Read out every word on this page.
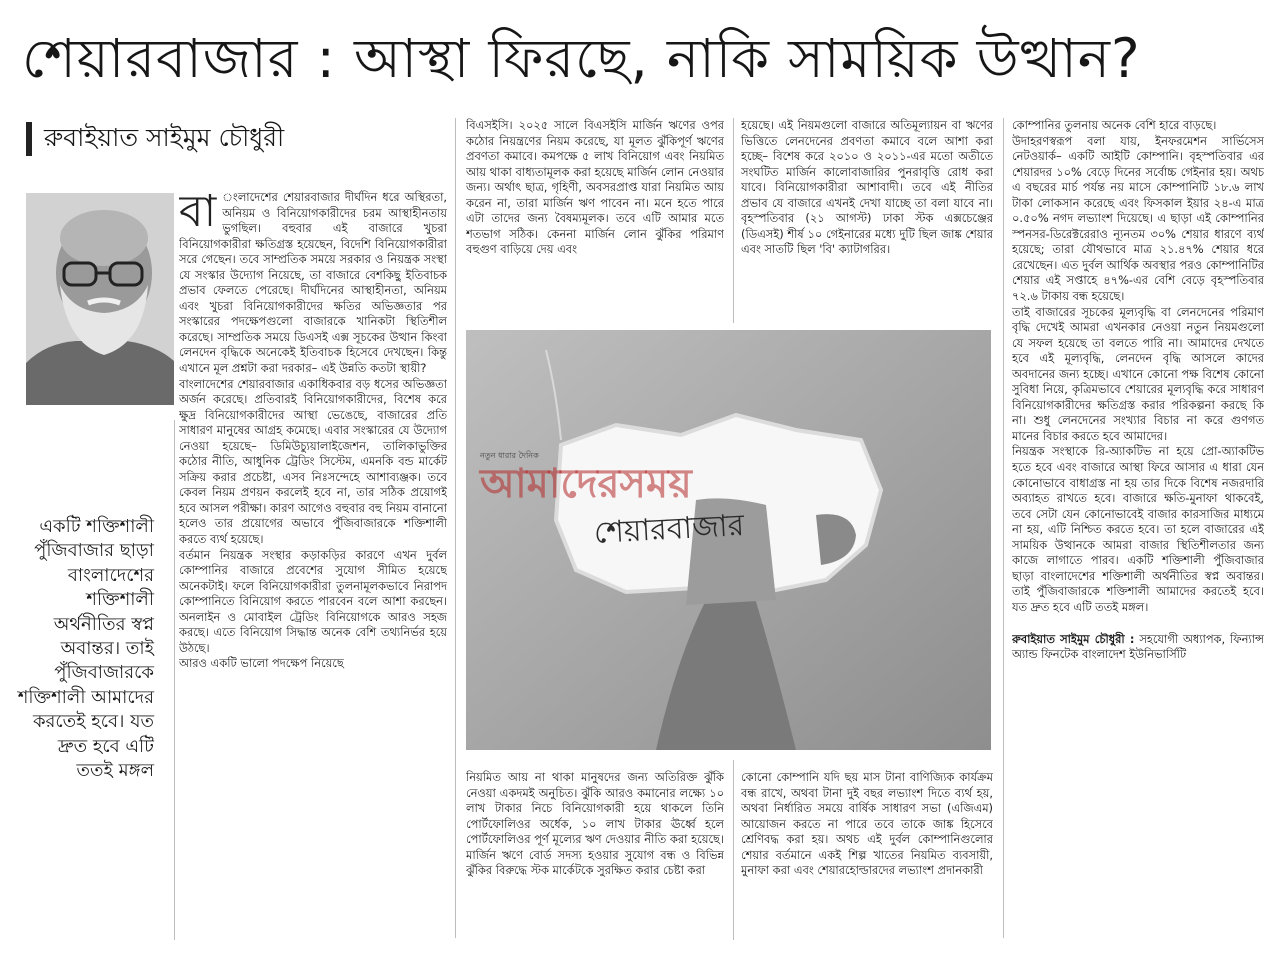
শেয়ারবাজার : আস্থা ফিরছে, নাকি সাময়িক উত্থান?
রুবাইয়াত সাইমুম চৌধুরী

বা ংলাদেশের শেয়ারবাজার দীর্ঘদিন ধরে অস্থিরতা, অনিয়ম ও বিনিয়োগকারীদের চরম আস্থাহীনতায় ভুগছিল। বহুবার এই বাজারে খুচরা বিনিয়োগকারীরা ক্ষতিগ্রস্ত হয়েছেন, বিদেশি বিনিয়োগকারীরা সরে গেছেন। তবে সাম্প্রতিক সময়ে সরকার ও নিয়ন্ত্রক সংস্থা যে সংস্কার উদ্যোগ নিয়েছে, তা বাজারে বেশকিছু ইতিবাচক প্রভাব ফেলতে পেরেছে। দীর্ঘদিনের আস্থাহীনতা, অনিয়ম এবং খুচরা বিনিয়োগকারীদের ক্ষতির অভিজ্ঞতার পর সংস্কারের পদক্ষেপগুলো বাজারকে খানিকটা স্থিতিশীল করেছে। সাম্প্রতিক সময়ে ডিএসই এক্স সূচকের উত্থান কিংবা লেনদেন বৃদ্ধিকে অনেকেই ইতিবাচক হিসেবে দেখছেন। কিন্তু এখানে মূল প্রশ্নটা করা দরকার– এই উন্নতি কতটা স্থায়ী?

বাংলাদেশের শেয়ারবাজার একাধিকবার বড় ধসের অভিজ্ঞতা অর্জন করেছে। প্রতিবারই বিনিয়োগকারীদের, বিশেষ করে ক্ষুদ্র বিনিয়োগকারীদের আস্থা ভেঙেছে, বাজারের প্রতি সাধারণ মানুষের আগ্রহ কমেছে। এবার সংস্কারের যে উদ্যোগ নেওয়া হয়েছে– ডিমিউচ্যুয়ালাইজেশন, তালিকাভুক্তির কঠোর নীতি, আধুনিক ট্রেডিং সিস্টেম, এমনকি বন্ড মার্কেট সক্রিয় করার প্রচেষ্টা, এসব নিঃসন্দেহে আশাব্যঞ্জক। তবে কেবল নিয়ম প্রণয়ন করলেই হবে না, তার সঠিক প্রয়োগই হবে আসল পরীক্ষা। কারণ আগেও বহুবার বহু নিয়ম বানানো হলেও তার প্রয়োগের অভাবে পুঁজিবাজারকে শক্তিশালী করতে ব্যর্থ হয়েছে।

বর্তমান নিয়ন্ত্রক সংস্থার কড়াকড়ির কারণে এখন দুর্বল কোম্পানির বাজারে প্রবেশের সুযোগ সীমিত হয়েছে অনেকটাই। ফলে বিনিয়োগকারীরা তুলনামূলকভাবে নিরাপদ কোম্পানিতে বিনিয়োগ করতে পারবেন বলে আশা করছেন। অনলাইন ও মোবাইল ট্রেডিং বিনিয়োগকে আরও সহজ করছে। এতে বিনিয়োগ সিদ্ধান্ত অনেক বেশি তথ্যনির্ভর হয়ে উঠছে।

আরও একটি ভালো পদক্ষেপ নিয়েছে

একটি শক্তিশালী পুঁজিবাজার ছাড়া বাংলাদেশের শক্তিশালী অর্থনীতির স্বপ্ন অবান্তর। তাই পুঁজিবাজারকে শক্তিশালী আমাদের করতেই হবে। যত দ্রুত হবে এটি ততই মঙ্গল

বিএসইসি। ২০২৫ সালে বিএসইসি মার্জিন ঋণের ওপর কঠোর নিয়ন্ত্রণের নিয়ম করেছে, যা মূলত ঝুঁকিপূর্ণ ঋণের প্রবণতা কমাবে। কমপক্ষে ৫ লাখ বিনিয়োগ এবং নিয়মিত আয় থাকা বাধ্যতামূলক করা হয়েছে মার্জিন লোন নেওয়ার জন্য। অর্থাৎ ছাত্র, গৃহিণী, অবসরপ্রাপ্ত যারা নিয়মিত আয় করেন না, তারা মার্জিন ঋণ পাবেন না। মনে হতে পারে এটা তাদের জন্য বৈষম্যমূলক। তবে এটি আমার মতে শতভাগ সঠিক। কেননা মার্জিন লোন ঝুঁকির পরিমাণ বহুগুণ বাড়িয়ে দেয় এবং

হয়েছে। এই নিয়মগুলো বাজারে অতিমূল্যায়ন বা ঋণের ভিত্তিতে লেনদেনের প্রবণতা কমাবে বলে আশা করা হচ্ছে– বিশেষ করে ২০১০ ও ২০১১-এর মতো অতীতে সংঘটিত মার্জিন কালোবাজারির পুনরাবৃত্তি রোধ করা যাবে। বিনিয়োগকারীরা আশাবাদী। তবে এই নীতির প্রভাব যে বাজারে এখনই দেখা যাচ্ছে তা বলা যাবে না। বৃহস্পতিবার (২১ আগস্ট) ঢাকা স্টক এক্সচেঞ্জের (ডিএসই) শীর্ষ ১০ গেইনারের মধ্যে দুটি ছিল জাঙ্ক শেয়ার এবং সাতটি ছিল 'বি' ক্যাটাগরির।

নতুন ধারার দৈনিক
আমাদেরসময়
শেয়ারবাজার

নিয়মিত আয় না থাকা মানুষদের জন্য অতিরিক্ত ঝুঁকি নেওয়া একদমই অনুচিত। ঝুঁকি আরও কমানোর লক্ষ্যে ১০ লাখ টাকার নিচে বিনিয়োগকারী হয়ে থাকলে তিনি পোর্টফোলিওর অর্ধেক, ১০ লাখ টাকার ঊর্ধ্বে হলে পোর্টফোলিওর পূর্ণ মূল্যের ঋণ দেওয়ার নীতি করা হয়েছে। মার্জিন ঋণে বোর্ড সদস্য হওয়ার সুযোগ বন্ধ ও বিভিন্ন ঝুঁকির বিরুদ্ধে স্টক মার্কেটকে সুরক্ষিত করার চেষ্টা করা

কোনো কোম্পানি যদি ছয় মাস টানা বাণিজ্যিক কার্যক্রম বন্ধ রাখে, অথবা টানা দুই বছর লভ্যাংশ দিতে ব্যর্থ হয়, অথবা নির্ধারিত সময়ে বার্ষিক সাধারণ সভা (এজিএম) আয়োজন করতে না পারে তবে তাকে জাঙ্ক হিসেবে শ্রেণিবদ্ধ করা হয়। অথচ এই দুর্বল কোম্পানিগুলোর শেয়ার বর্তমানে একই শিল্প খাতের নিয়মিত ব্যবসায়ী, মুনাফা করা এবং শেয়ারহোল্ডারদের লভ্যাংশ প্রদানকারী

কোম্পানির তুলনায় অনেক বেশি হারে বাড়ছে।

উদাহরণস্বরূপ বলা যায়, ইনফরমেশন সার্ভিসেস নেটওয়ার্ক– একটি আইটি কোম্পানি। বৃহস্পতিবার এর শেয়ারদর ১০% বেড়ে দিনের সর্বোচ্চ গেইনার হয়। অথচ এ বছরের মার্চ পর্যন্ত নয় মাসে কোম্পানিটি ১৮.৬ লাখ টাকা লোকসান করেছে এবং ফিসকাল ইয়ার ২৪-এ মাত্র ০.৫০% নগদ লভ্যাংশ দিয়েছে। এ ছাড়া এই কোম্পানির স্পনসর-ডিরেক্টরেরাও ন্যূনতম ৩০% শেয়ার ধারণে ব্যর্থ হয়েছে; তারা যৌথভাবে মাত্র ২১.৪৭% শেয়ার ধরে রেখেছেন। এত দুর্বল আর্থিক অবস্থার পরও কোম্পানিটির শেয়ার এই সপ্তাহে ৪৭%-এর বেশি বেড়ে বৃহস্পতিবার ৭২.৬ টাকায় বন্ধ হয়েছে।

তাই বাজারের সূচকের মূল্যবৃদ্ধি বা লেনদেনের পরিমাণ বৃদ্ধি দেখেই আমরা এখনকার নেওয়া নতুন নিয়মগুলো যে সফল হয়েছে তা বলতে পারি না। আমাদের দেখতে হবে এই মূল্যবৃদ্ধি, লেনদেন বৃদ্ধি আসলে কাদের অবদানের জন্য হচ্ছে। এখানে কোনো পক্ষ বিশেষ কোনো সুবিধা নিয়ে, কৃত্রিমভাবে শেয়ারের মূল্যবৃদ্ধি করে সাধারণ বিনিয়োগকারীদের ক্ষতিগ্রস্ত করার পরিকল্পনা করছে কি না। শুধু লেনদেনের সংখ্যার বিচার না করে গুণগত মানের বিচার করতে হবে আমাদের।

নিয়ন্ত্রক সংস্থাকে রি-অ্যাকটিভ না হয়ে প্রো-অ্যাকটিভ হতে হবে এবং বাজারে আস্থা ফিরে আসার এ ধারা যেন কোনোভাবে বাধাগ্রস্ত না হয় তার দিকে বিশেষ নজরদারি অব্যাহত রাখতে হবে। বাজারে ক্ষতি-মুনাফা থাকবেই, তবে সেটা যেন কোনোভাবেই বাজার কারসাজির মাধ্যমে না হয়, এটি নিশ্চিত করতে হবে। তা হলে বাজারের এই সাময়িক উত্থানকে আমরা বাজার স্থিতিশীলতার জন্য কাজে লাগাতে পারব। একটি শক্তিশালী পুঁজিবাজার ছাড়া বাংলাদেশের শক্তিশালী অর্থনীতির স্বপ্ন অবান্তর। তাই পুঁজিবাজারকে শক্তিশালী আমাদের করতেই হবে। যত দ্রুত হবে এটি ততই মঙ্গল।

রুবাইয়াত সাইমুম চৌধুরী : সহযোগী অধ্যাপক, ফিন্যান্স অ্যান্ড ফিনটেক বাংলাদেশ ইউনিভার্সিটি
